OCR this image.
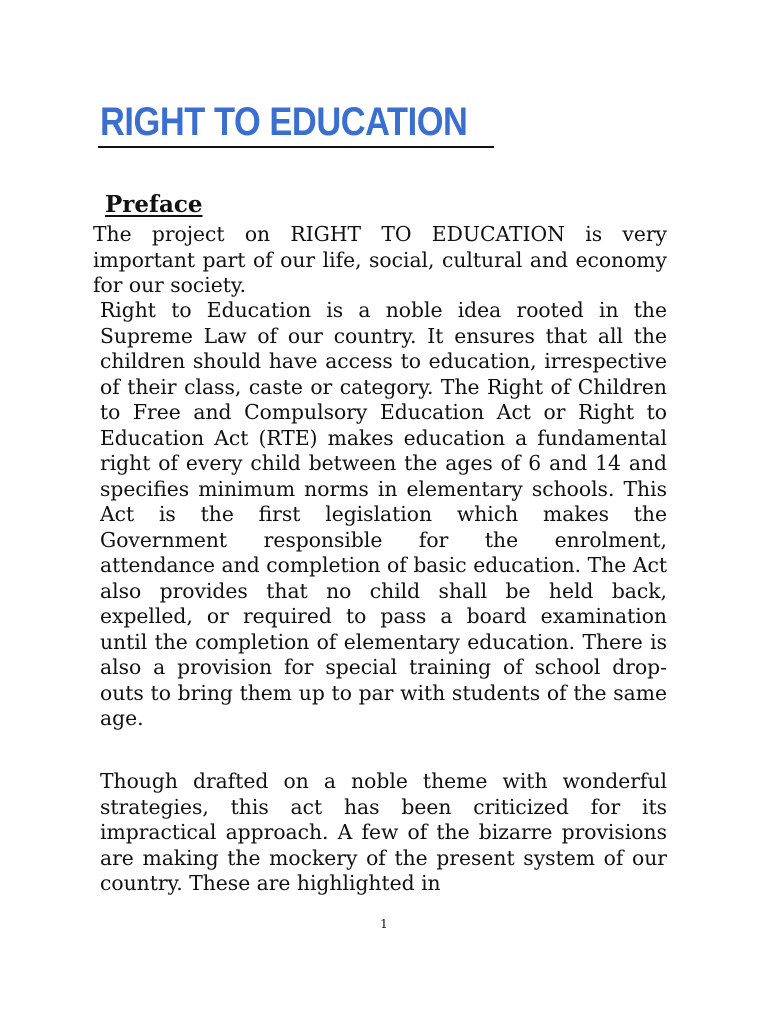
RIGHT TO EDUCATION
Preface

The project on RIGHT TO EDUCATION is very important part of our life, social, cultural and economy for our society.

Right to Education is a noble idea rooted in the Supreme Law of our country. It ensures that all the children should have access to education, irrespective of their class, caste or category. The Right of Children to Free and Compulsory Education Act or Right to Education Act (RTE) makes education a fundamental right of every child between the ages of 6 and 14 and specifies minimum norms in elementary schools. This Act is the first legislation which makes the Government responsible for the enrolment, attendance and completion of basic education. The Act also provides that no child shall be held back, expelled, or required to pass a board examination until the completion of elementary education. There is also a provision for special training of school drop-outs to bring them up to par with students of the same age.

Though drafted on a noble theme with wonderful strategies, this act has been criticized for its impractical approach. A few of the bizarre provisions are making the mockery of the present system of our country. These are highlighted in

1
